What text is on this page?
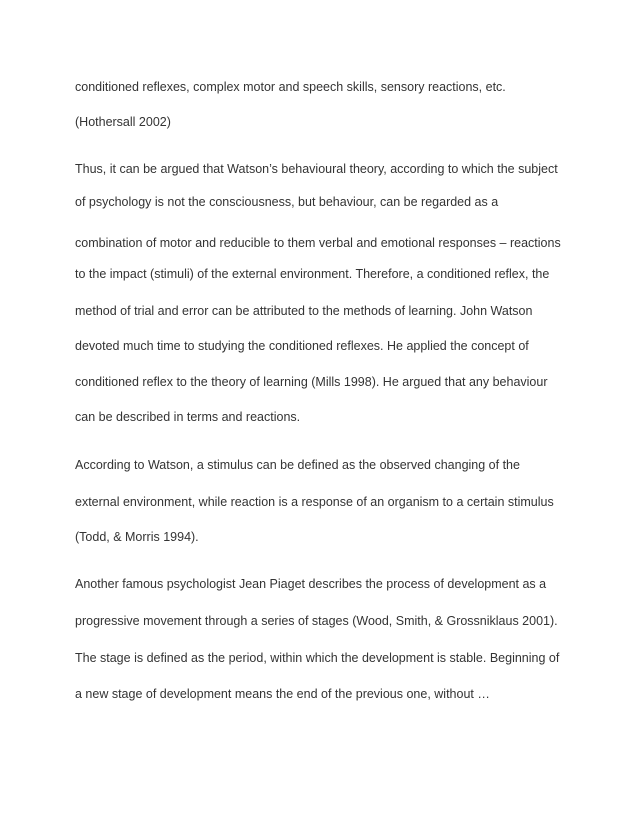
conditioned reflexes, complex motor and speech skills, sensory reactions, etc.

(Hothersall 2002)

Thus, it can be argued that Watson’s behavioural theory, according to which the subject

of psychology is not the consciousness, but behaviour, can be regarded as a

combination of motor and reducible to them verbal and emotional responses – reactions

to the impact (stimuli) of the external environment. Therefore, a conditioned reflex, the

method of trial and error can be attributed to the methods of learning. John Watson

devoted much time to studying the conditioned reflexes. He applied the concept of

conditioned reflex to the theory of learning (Mills 1998). He argued that any behaviour

can be described in terms and reactions.

According to Watson, a stimulus can be defined as the observed changing of the

external environment, while reaction is a response of an organism to a certain stimulus

(Todd, & Morris 1994).

Another famous psychologist Jean Piaget describes the process of development as a

progressive movement through a series of stages (Wood, Smith, & Grossniklaus 2001).

The stage is defined as the period, within which the development is stable. Beginning of

a new stage of development means the end of the previous one, without …
